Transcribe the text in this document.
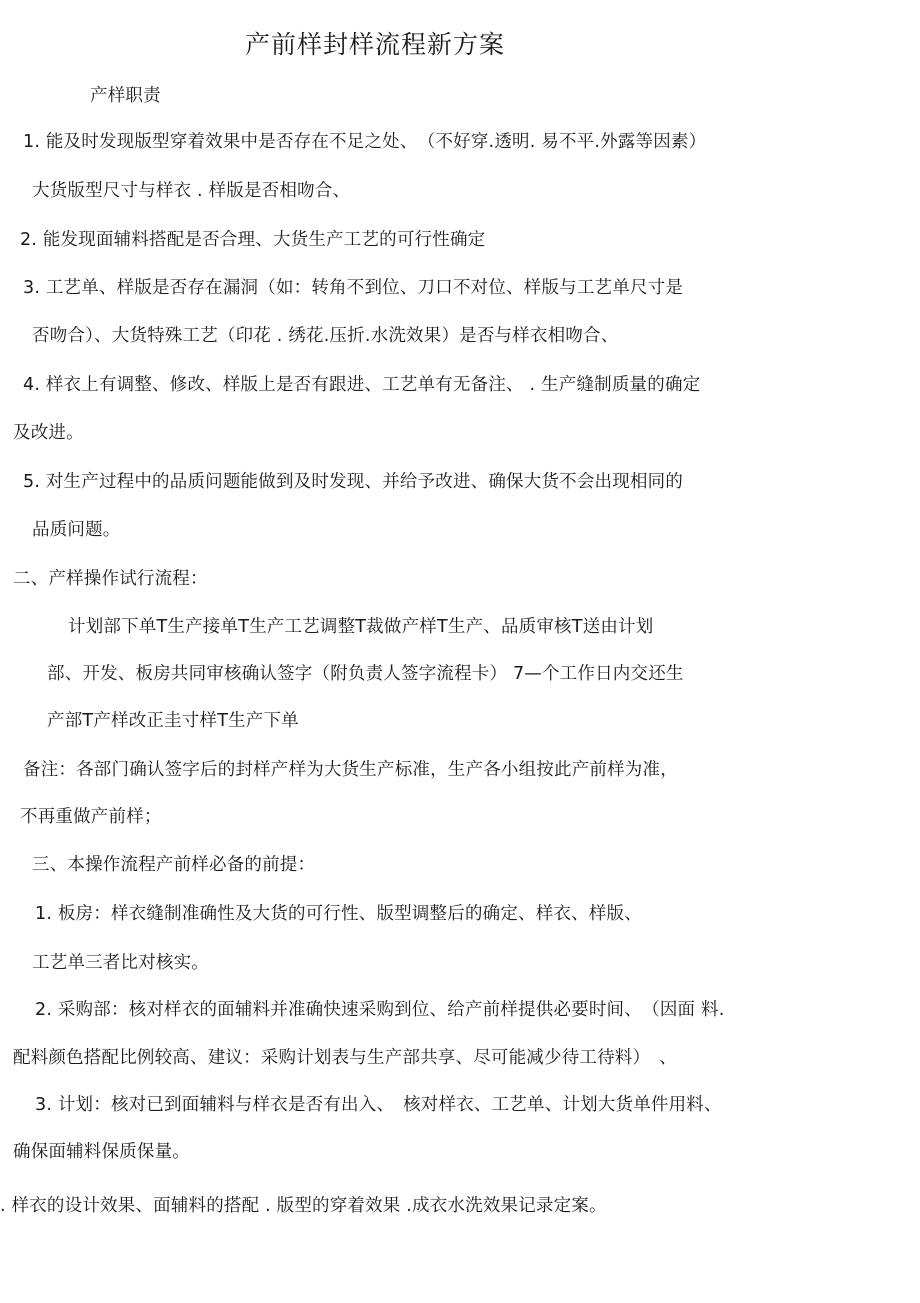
产前样封样流程新方案
产样职责
1. 能及时发现版型穿着效果中是否存在不足之处、　（不好穿.透明. 易不平.外露等因素）
大货版型尺寸与样衣 . 样版是否相吻合、
2. 能发现面辅料搭配是否合理、大货生产工艺的可行性确定
3. 工艺单、样版是否存在漏洞（如：转角不到位、刀口不对位、样版与工艺单尺寸是
否吻合）、大货特殊工艺（印花 . 绣花.压折.水洗效果）是否与样衣相吻合、
4. 样衣上有调整、修改、样版上是否有跟进、工艺单有无备注、 . 生产缝制质量的确定
及改进。
5. 对生产过程中的品质问题能做到及时发现、并给予改进、确保大货不会出现相同的
品质问题。
二、产样操作试行流程：
计划部下单T生产接单T生产工艺调整T裁做产样T生产、品质审核T送由计划
部、开发、板房共同审核确认签字（附负责人签字流程卡） 7—个工作日内交还生
产部T产样改正圭寸样T生产下单
备注：各部门确认签字后的封样产样为大货生产标准，生产各小组按此产前样为准，
不再重做产前样；
三、本操作流程产前样必备的前提：
1. 板房：样衣缝制准确性及大货的可行性、版型调整后的确定、样衣、样版、
工艺单三者比对核实。
2. 采购部：核对样衣的面辅料并准确快速采购到位、给产前样提供必要时间、　（因面 料.
配料颜色搭配比例较高、建议：采购计划表与生产部共享、尽可能减少待工待料）　、
3. 计划：核对已到面辅料与样衣是否有出入、　核对样衣、工艺单、计划大货单件用料、
确保面辅料保质保量。
. 样衣的设计效果、面辅料的搭配 . 版型的穿着效果 .成衣水洗效果记录定案。
